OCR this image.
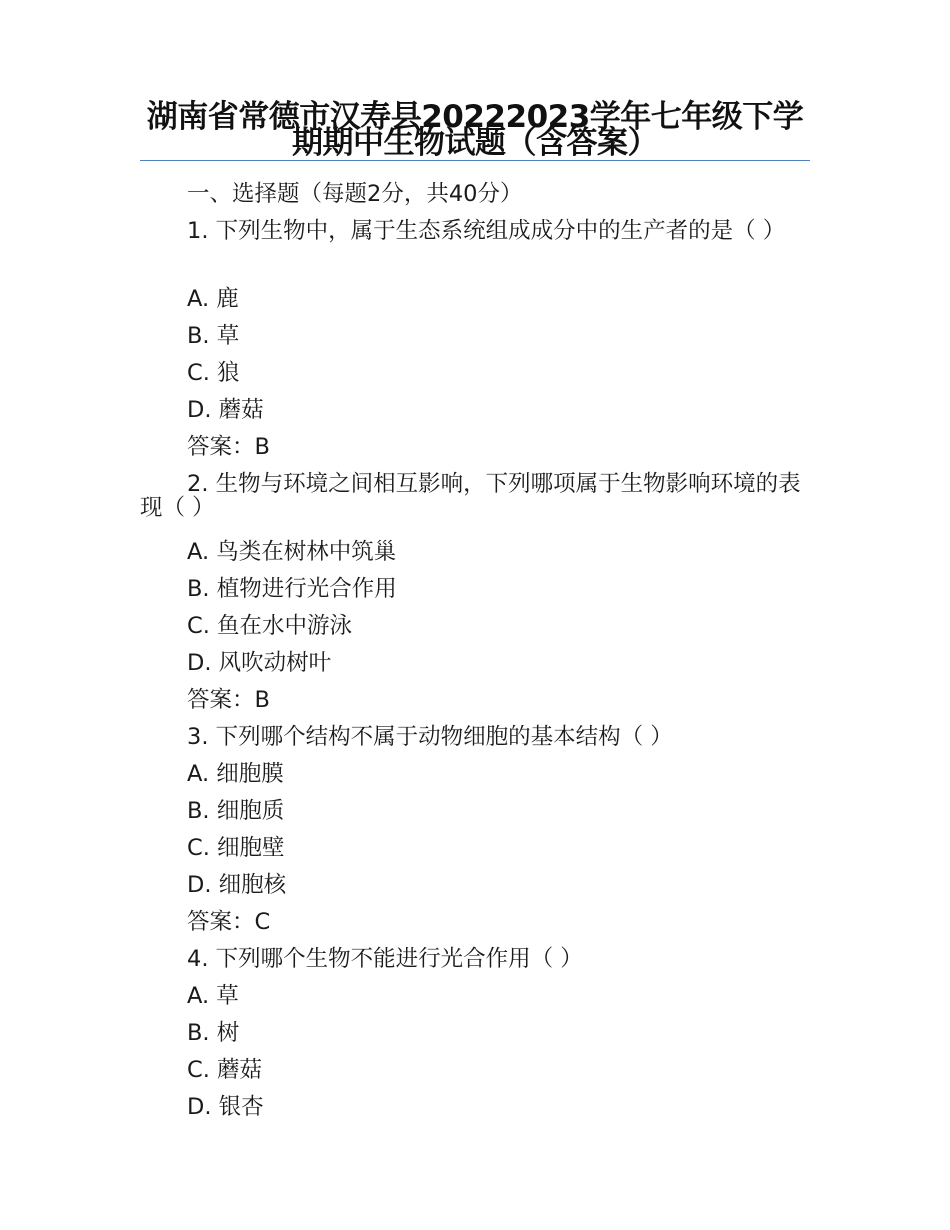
湖南省常德市汉寿县20222023学年七年级下学期期中生物试题（含答案）
一、选择题（每题2分，共40分）
1. 下列生物中，属于生态系统组成成分中的生产者的是（ ）
A. 鹿
B. 草
C. 狼
D. 蘑菇
答案：B
2. 生物与环境之间相互影响，下列哪项属于生物影响环境的表现（ ）
A. 鸟类在树林中筑巢
B. 植物进行光合作用
C. 鱼在水中游泳
D. 风吹动树叶
答案：B
3. 下列哪个结构不属于动物细胞的基本结构（ ）
A. 细胞膜
B. 细胞质
C. 细胞壁
D. 细胞核
答案：C
4. 下列哪个生物不能进行光合作用（ ）
A. 草
B. 树
C. 蘑菇
D. 银杏
